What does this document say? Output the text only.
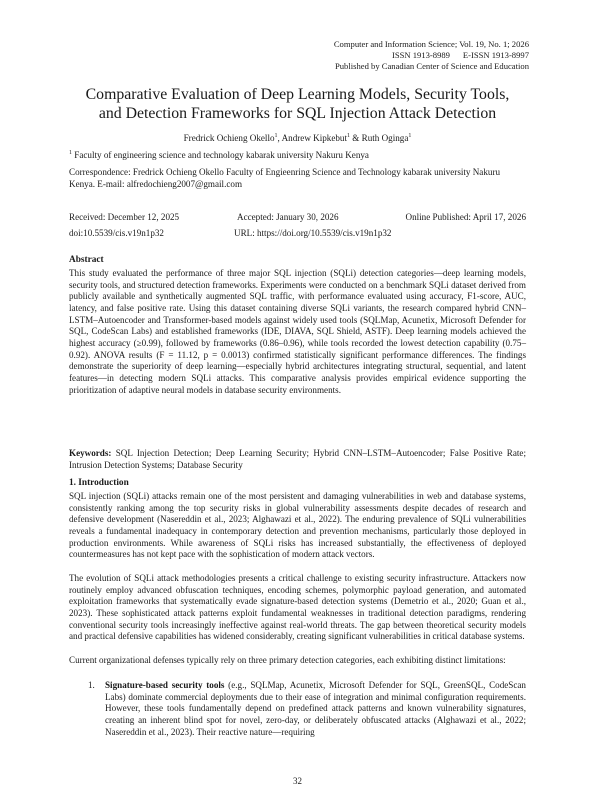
Computer and Information Science; Vol. 19, No. 1; 2026
ISSN 1913-8989      E-ISSN 1913-8997
Published by Canadian Center of Science and Education
Comparative Evaluation of Deep Learning Models, Security Tools,
and Detection Frameworks for SQL Injection Attack Detection
Fredrick Ochieng Okello$^1$, Andrew Kipkebut$^1$ & Ruth Oginga$^1$
$^1$ Faculty of engineering science and technology kabarak university Nakuru Kenya
Correspondence: Fredrick Ochieng Okello Faculty of Engieenring Science and Technology kabarak university Nakuru Kenya. E-mail: alfredochieng2007@gmail.com
Received: December 12, 2025	Accepted: January 30, 2026	Online Published: April 17, 2026
doi:10.5539/cis.v19n1p32	URL: https://doi.org/10.5539/cis.v19n1p32
Abstract

This study evaluated the performance of three major SQL injection (SQLi) detection categories—deep learning models, security tools, and structured detection frameworks. Experiments were conducted on a benchmark SQLi dataset derived from publicly available and synthetically augmented SQL traffic, with performance evaluated using accuracy, F1-score, AUC, latency, and false positive rate. Using this dataset containing diverse SQLi variants, the research compared hybrid CNN–LSTM–Autoencoder and Transformer-based models against widely used tools (SQLMap, Acunetix, Microsoft Defender for SQL, CodeScan Labs) and established frameworks (IDE, DIAVA, SQL Shield, ASTF). Deep learning models achieved the highest accuracy (≥0.99), followed by frameworks (0.86–0.96), while tools recorded the lowest detection capability (0.75–0.92). ANOVA results (F = 11.12, p = 0.0013) confirmed statistically significant performance differences. The findings demonstrate the superiority of deep learning—especially hybrid architectures integrating structural, sequential, and latent features—in detecting modern SQLi attacks. This comparative analysis provides empirical evidence supporting the prioritization of adaptive neural models in database security environments.

Keywords: SQL Injection Detection; Deep Learning Security; Hybrid CNN–LSTM–Autoencoder; False Positive Rate; Intrusion Detection Systems; Database Security
1. Introduction

SQL injection (SQLi) attacks remain one of the most persistent and damaging vulnerabilities in web and database systems, consistently ranking among the top security risks in global vulnerability assessments despite decades of research and defensive development (Nasereddin et al., 2023; Alghawazi et al., 2022). The enduring prevalence of SQLi vulnerabilities reveals a fundamental inadequacy in contemporary detection and prevention mechanisms, particularly those deployed in production environments. While awareness of SQLi risks has increased substantially, the effectiveness of deployed countermeasures has not kept pace with the sophistication of modern attack vectors.

The evolution of SQLi attack methodologies presents a critical challenge to existing security infrastructure. Attackers now routinely employ advanced obfuscation techniques, encoding schemes, polymorphic payload generation, and automated exploitation frameworks that systematically evade signature-based detection systems (Demetrio et al., 2020; Guan et al., 2023). These sophisticated attack patterns exploit fundamental weaknesses in traditional detection paradigms, rendering conventional security tools increasingly ineffective against real-world threats. The gap between theoretical security models and practical defensive capabilities has widened considerably, creating significant vulnerabilities in critical database systems.

Current organizational defenses typically rely on three primary detection categories, each exhibiting distinct limitations:

1. Signature-based security tools (e.g., SQLMap, Acunetix, Microsoft Defender for SQL, GreenSQL, CodeScan Labs) dominate commercial deployments due to their ease of integration and minimal configuration requirements. However, these tools fundamentally depend on predefined attack patterns and known vulnerability signatures, creating an inherent blind spot for novel, zero-day, or deliberately obfuscated attacks (Alghawazi et al., 2022; Nasereddin et al., 2023). Their reactive nature—requiring
32
